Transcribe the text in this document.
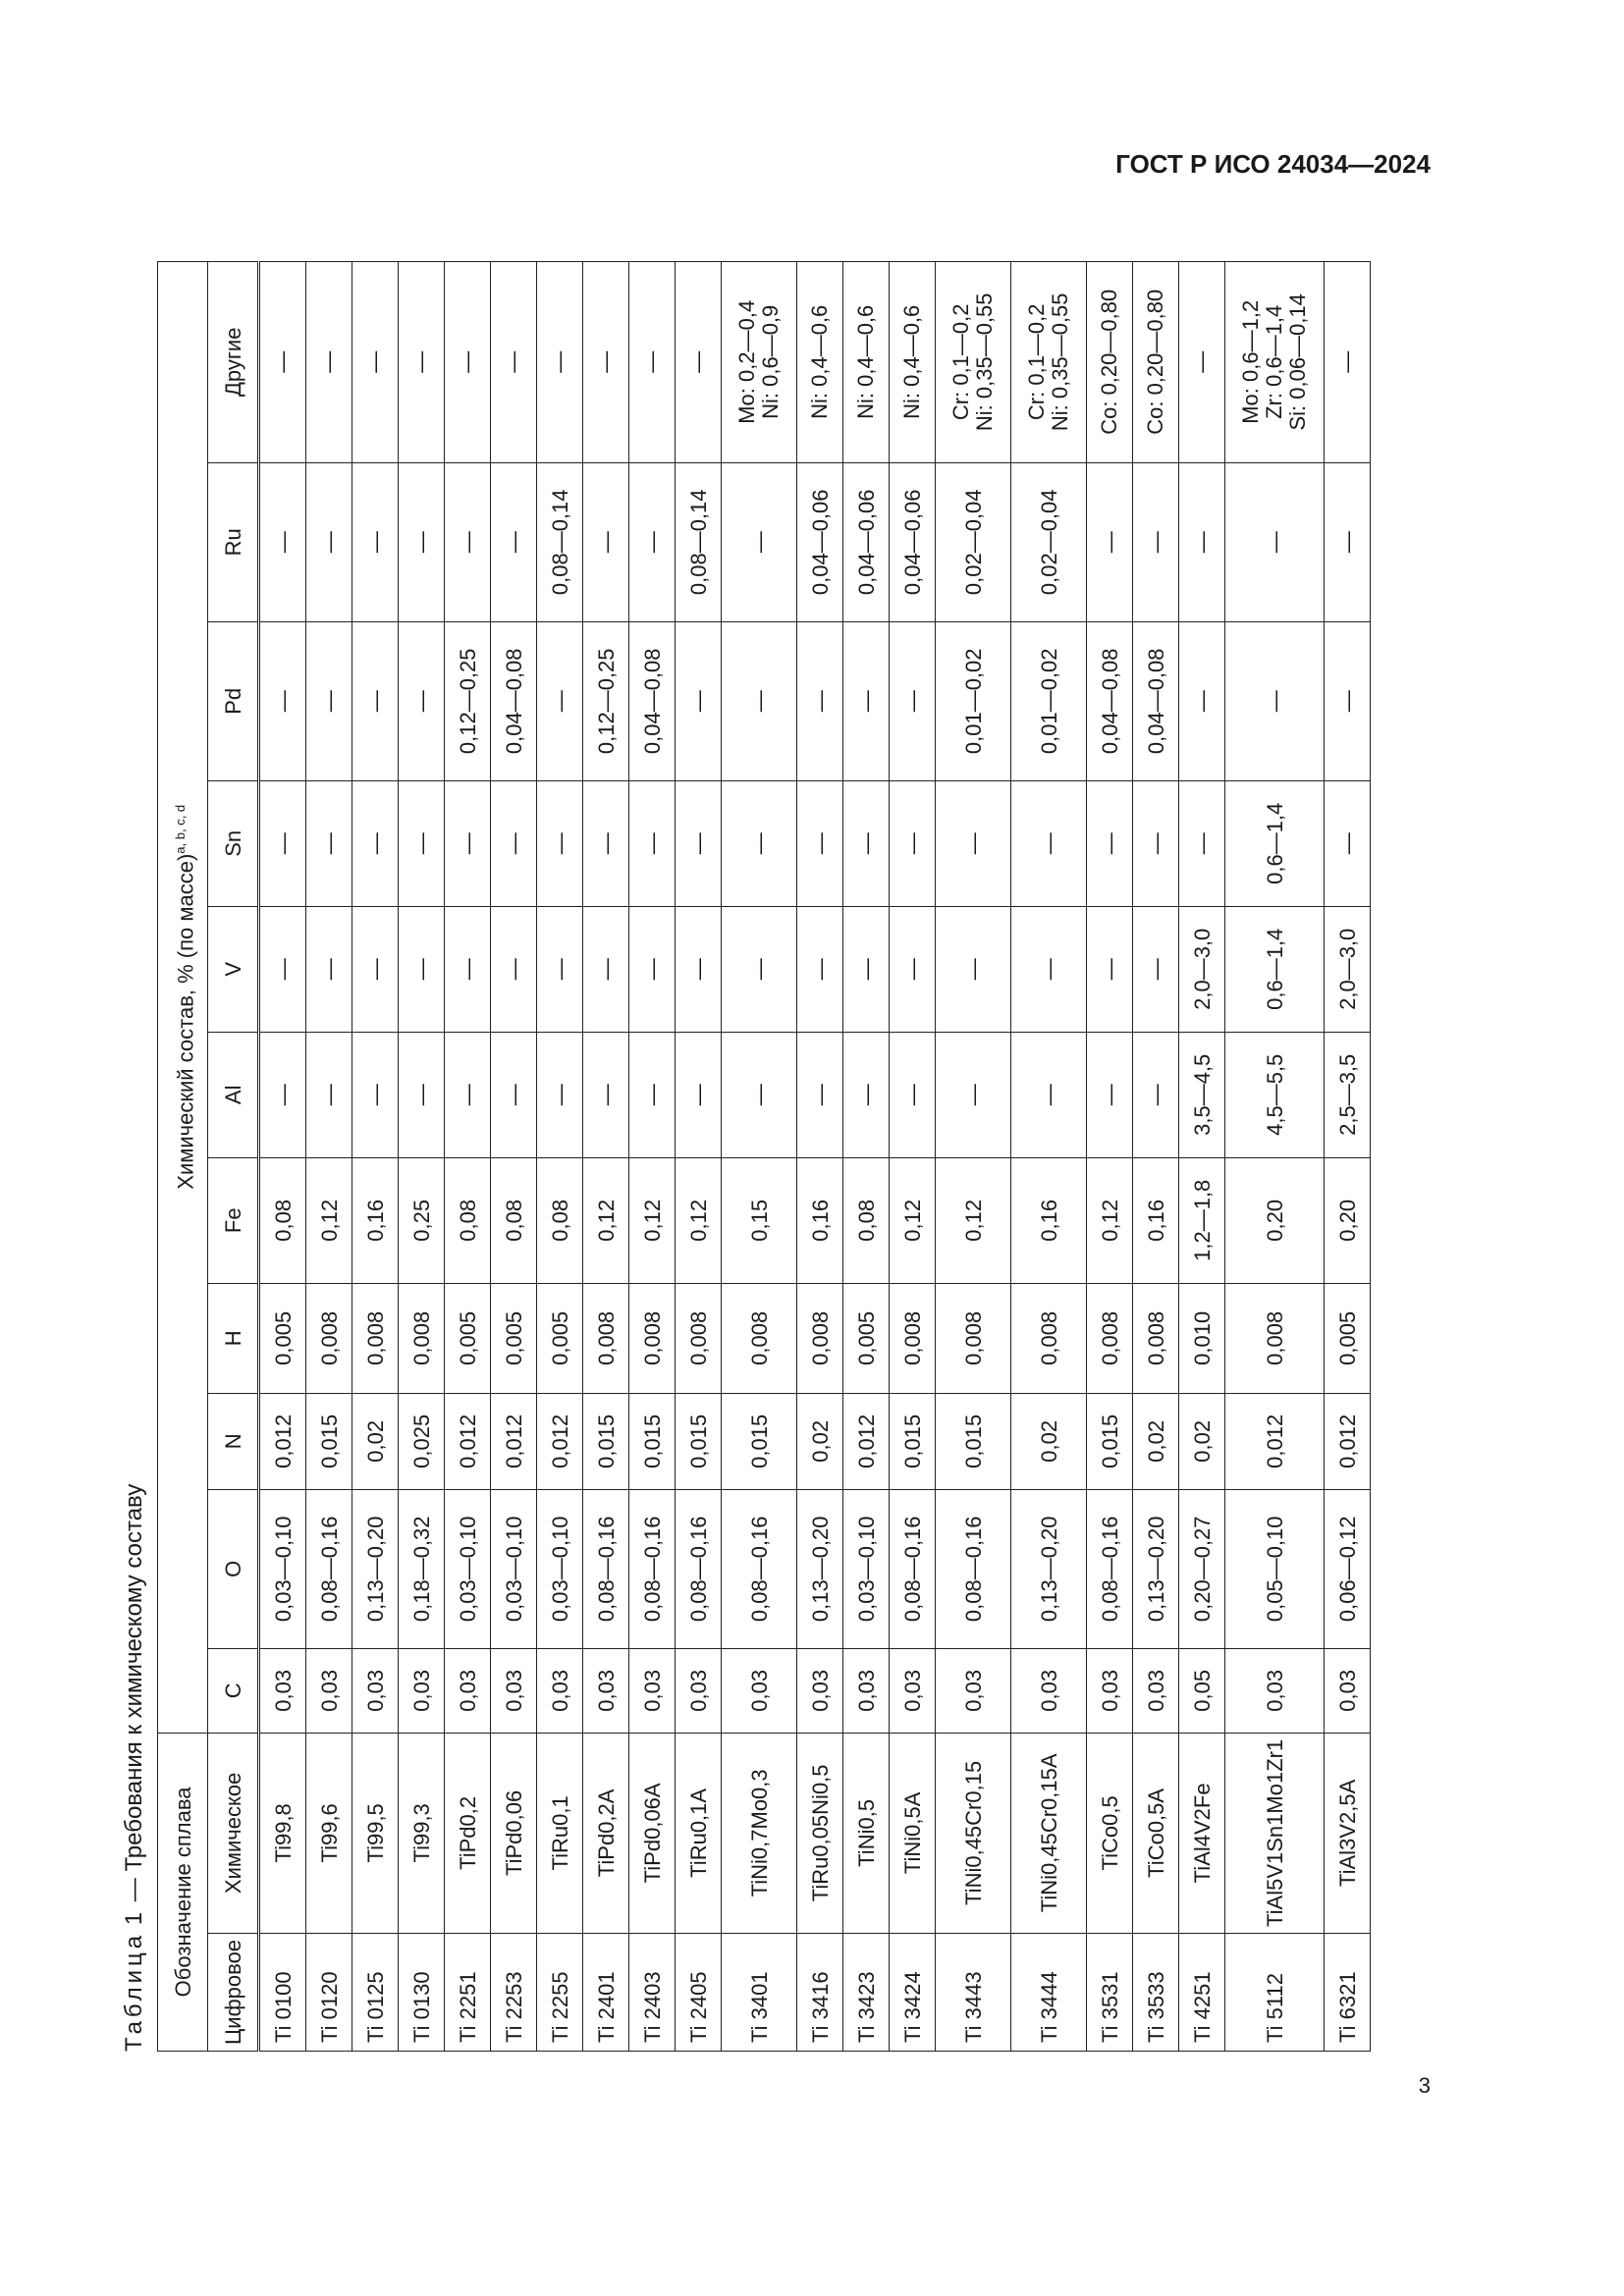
ГОСТ Р ИСО 24034—2024
Таблица 1 — Требования к химическому составу
Обозначение сплава		Химический состав, % (по массе)$^{a, b, c, d}$
Цифровое	Химическое	C	O	N	H	Fe	Al	V	Sn	Pd	Ru	Другие
Ti 0100	Ti99,8	0,03	0,03—0,10	0,012	0,005	0,08	—	—	—	—	—	—

Ti 0120	Ti99,6	0,03	0,08—0,16	0,015	0,008	0,12	—	—	—	—	—	—

Ti 0125	Ti99,5	0,03	0,13—0,20	0,02	0,008	0,16	—	—	—	—	—	—

Ti 0130	Ti99,3	0,03	0,18—0,32	0,025	0,008	0,25	—	—	—	—	—	—

Ti 2251	TiPd0,2	0,03	0,03—0,10	0,012	0,005	0,08	—	—	—	0,12—0,25	—	—

Ti 2253	TiPd0,06	0,03	0,03—0,10	0,012	0,005	0,08	—	—	—	0,04—0,08	—	—

Ti 2255	TiRu0,1	0,03	0,03—0,10	0,012	0,005	0,08	—	—	—	—	0,08—0,14	—

Ti 2401	TiPd0,2A	0,03	0,08—0,16	0,015	0,008	0,12	—	—	—	0,12—0,25	—	—

Ti 2403	TiPd0,06A	0,03	0,08—0,16	0,015	0,008	0,12	—	—	—	0,04—0,08	—	—

Ti 2405	TiRu0,1A	0,03	0,08—0,16	0,015	0,008	0,12	—	—	—	—	0,08—0,14	—

Ti 3401	TiNi0,7Mo0,3	0,03	0,08—0,16	0,015	0,008	0,15	—	—	—	—	—	Mo: 0,2—0,4 Ni: 0,6—0,9

Ti 3416	TiRu0,05Ni0,5	0,03	0,13—0,20	0,02	0,008	0,16	—	—	—	—	0,04—0,06	Ni: 0,4—0,6

Ti 3423	TiNi0,5	0,03	0,03—0,10	0,012	0,005	0,08	—	—	—	—	0,04—0,06	Ni: 0,4—0,6

Ti 3424	TiNi0,5A	0,03	0,08—0,16	0,015	0,008	0,12	—	—	—	—	0,04—0,06	Ni: 0,4—0,6

Ti 3443	TiNi0,45Cr0,15	0,03	0,08—0,16	0,015	0,008	0,12	—	—	—	0,01—0,02	0,02—0,04	Cr: 0,1—0,2 Ni: 0,35—0,55

Ti 3444	TiNi0,45Cr0,15A	0,03	0,13—0,20	0,02	0,008	0,16	—	—	—	0,01—0,02	0,02—0,04	Cr: 0,1—0,2 Ni: 0,35—0,55

Ti 3531	TiCo0,5	0,03	0,08—0,16	0,015	0,008	0,12	—	—	—	0,04—0,08	—	Co: 0,20—0,80

Ti 3533	TiCo0,5A	0,03	0,13—0,20	0,02	0,008	0,16	—	—	—	0,04—0,08	—	Co: 0,20—0,80

Ti 4251	TiAl4V2Fe	0,05	0,20—0,27	0,02	0,010	1,2—1,8	3,5—4,5	2,0—3,0	—	—	—	—

Ti 5112	TiAl5V1Sn1Mo1Zr1	0,03	0,05—0,10	0,012	0,008	0,20	4,5—5,5	0,6—1,4	0,6—1,4	—	—	Mo: 0,6—1,2 Zr: 0,6—1,4 Si: 0,06—0,14

Ti 6321	TiAl3V2,5A	0,03	0,06—0,12	0,012	0,005	0,20	2,5—3,5	2,0—3,0	—	—	—	—
3
